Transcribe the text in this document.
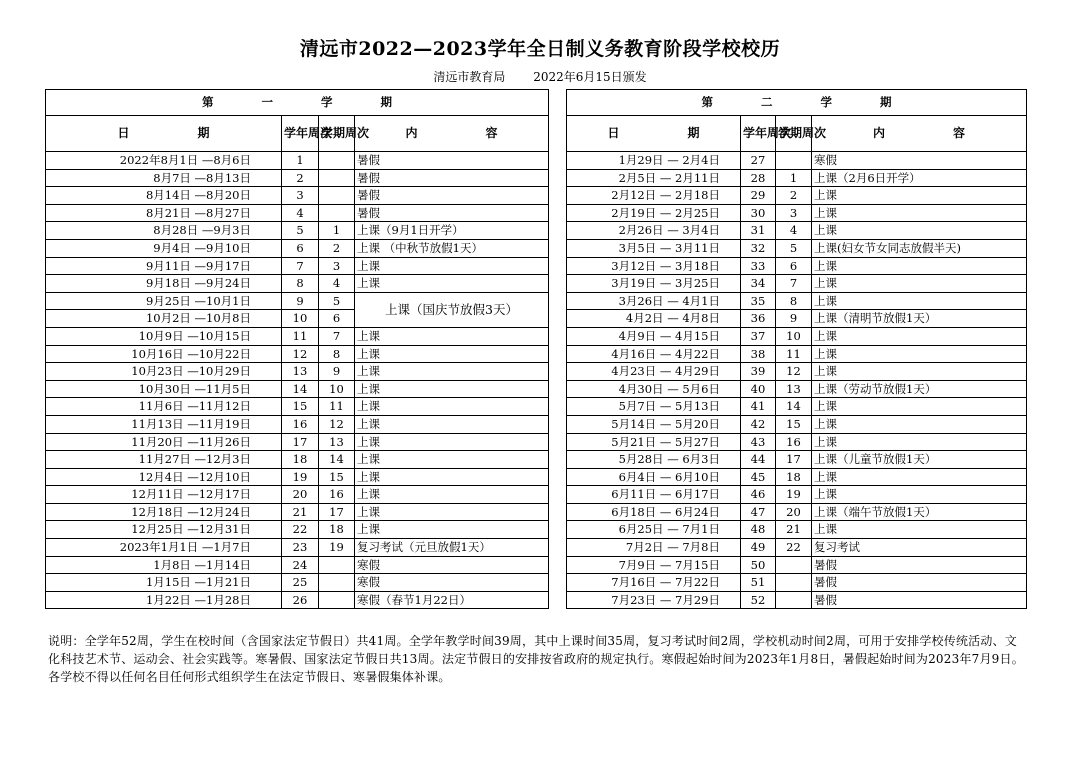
清远市2022—2023学年全日制义务教育阶段学校校历
清远市教育局 2022年6月15日颁发
第一学期			
日　期	学年周次	学期周次	内　容
2022年8月1日 —8月6日	1		暑假
8月7日 —8月13日	2		暑假
8月14日 —8月20日	3		暑假
8月21日 —8月27日	4		暑假
8月28日 —9月3日	5	1	上课（9月1日开学）
9月4日 —9月10日	6	2	上课 （中秋节放假1天）
9月11日 —9月17日	7	3	上课
9月18日 —9月24日	8	4	上课
9月25日 —10月1日	9	5	上课（国庆节放假3天）
10月2日 —10月8日	10	6	
10月9日 —10月15日	11	7	上课
10月16日 —10月22日	12	8	上课
10月23日 —10月29日	13	9	上课
10月30日 —11月5日	14	10	上课
11月6日 —11月12日	15	11	上课
11月13日 —11月19日	16	12	上课
11月20日 —11月26日	17	13	上课
11月27日 —12月3日	18	14	上课
12月4日 —12月10日	19	15	上课
12月11日 —12月17日	20	16	上课
12月18日 —12月24日	21	17	上课
12月25日 —12月31日	22	18	上课
2023年1月1日 —1月7日	23	19	复习考试（元旦放假1天）
1月8日 —1月14日	24		寒假
1月15日 —1月21日	25		寒假
1月22日 —1月28日	26		寒假（春节1月22日）
第二学期			
日　期	学年周次	学期周次	内　容
1月29日 — 2月4日	27		寒假
2月5日 — 2月11日	28	1	上课（2月6日开学）
2月12日 — 2月18日	29	2	上课
2月19日 — 2月25日	30	3	上课
2月26日 — 3月4日	31	4	上课
3月5日 — 3月11日	32	5	上课(妇女节女同志放假半天)
3月12日 — 3月18日	33	6	上课
3月19日 — 3月25日	34	7	上课
3月26日 — 4月1日	35	8	上课
4月2日 — 4月8日	36	9	上课（清明节放假1天）
4月9日 — 4月15日	37	10	上课
4月16日 — 4月22日	38	11	上课
4月23日 — 4月29日	39	12	上课
4月30日 — 5月6日	40	13	上课（劳动节放假1天）
5月7日 — 5月13日	41	14	上课
5月14日 — 5月20日	42	15	上课
5月21日 — 5月27日	43	16	上课
5月28日 — 6月3日	44	17	上课（儿童节放假1天）
6月4日 — 6月10日	45	18	上课
6月11日 — 6月17日	46	19	上课
6月18日 — 6月24日	47	20	上课（端午节放假1天）
6月25日 — 7月1日	48	21	上课
7月2日 — 7月8日	49	22	复习考试
7月9日 — 7月15日	50		暑假
7月16日 — 7月22日	51		暑假
7月23日 — 7月29日	52		暑假
说明：全学年52周，学生在校时间（含国家法定节假日）共41周。全学年教学时间39周，其中上课时间35周，复习考试时间2周，学校机动时间2周，可用于安排学校传统活动、文化科技艺术节、运动会、社会实践等。寒暑假、国家法定节假日共13周。法定节假日的安排按省政府的规定执行。寒假起始时间为2023年1月8日，暑假起始时间为2023年7月9日。各学校不得以任何名目任何形式组织学生在法定节假日、寒暑假集体补课。
